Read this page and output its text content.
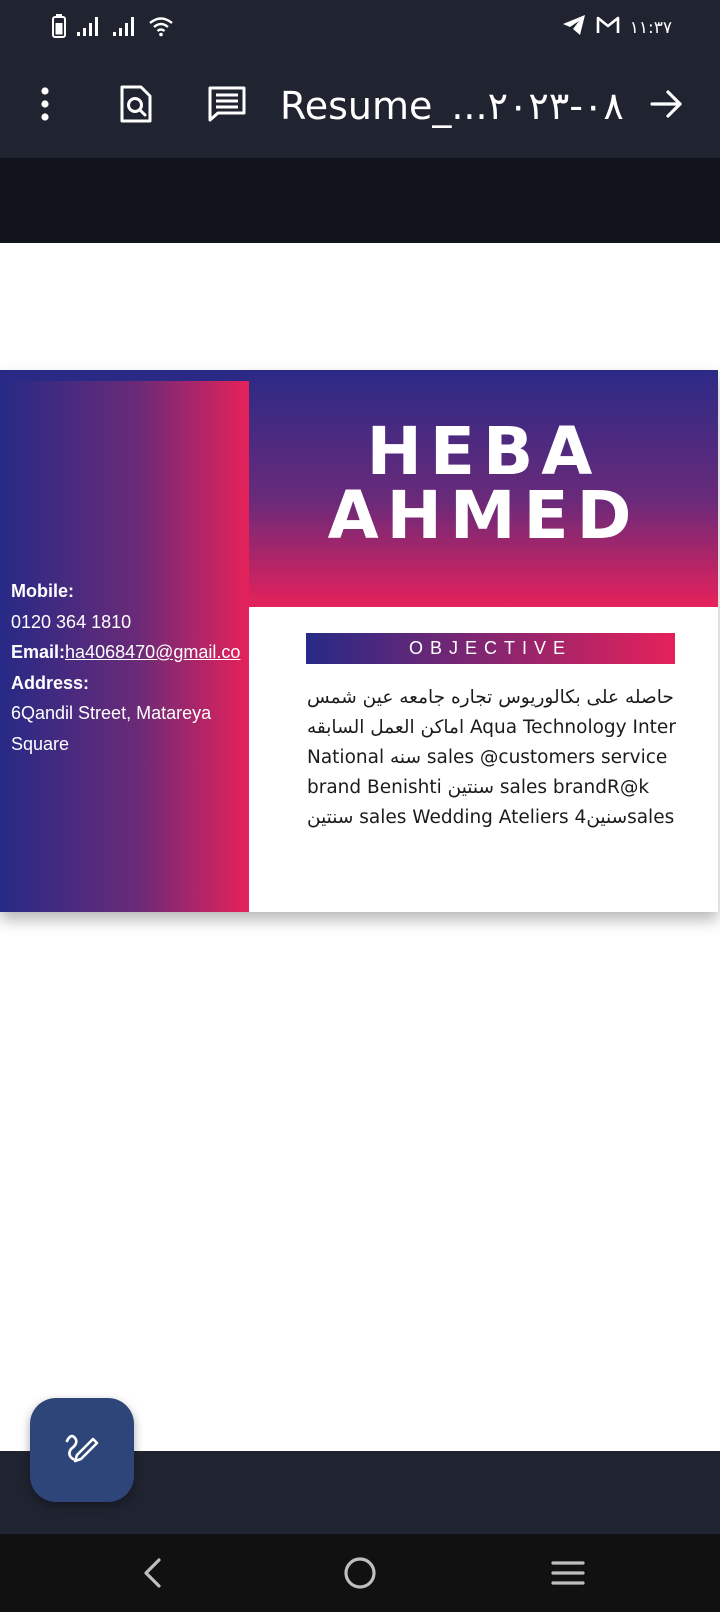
١١:٣٧
Resume_...٠٨-٢٠٢٣
Mobile:
0120 364 1810
Email:ha4068470@gmail.co
Address:
6Qandil Street, Matareya Square
HEBA
AHMED
OBJECTIVE
حاصله على بكالوريوس تجاره جامعه عين شمس اماكن العمل السابقه Aqua Technology Inter National سنه sales @customers service brand Benishti سنتين sales brandR@k سنتين sales Wedding Ateliers 4سنينsales
